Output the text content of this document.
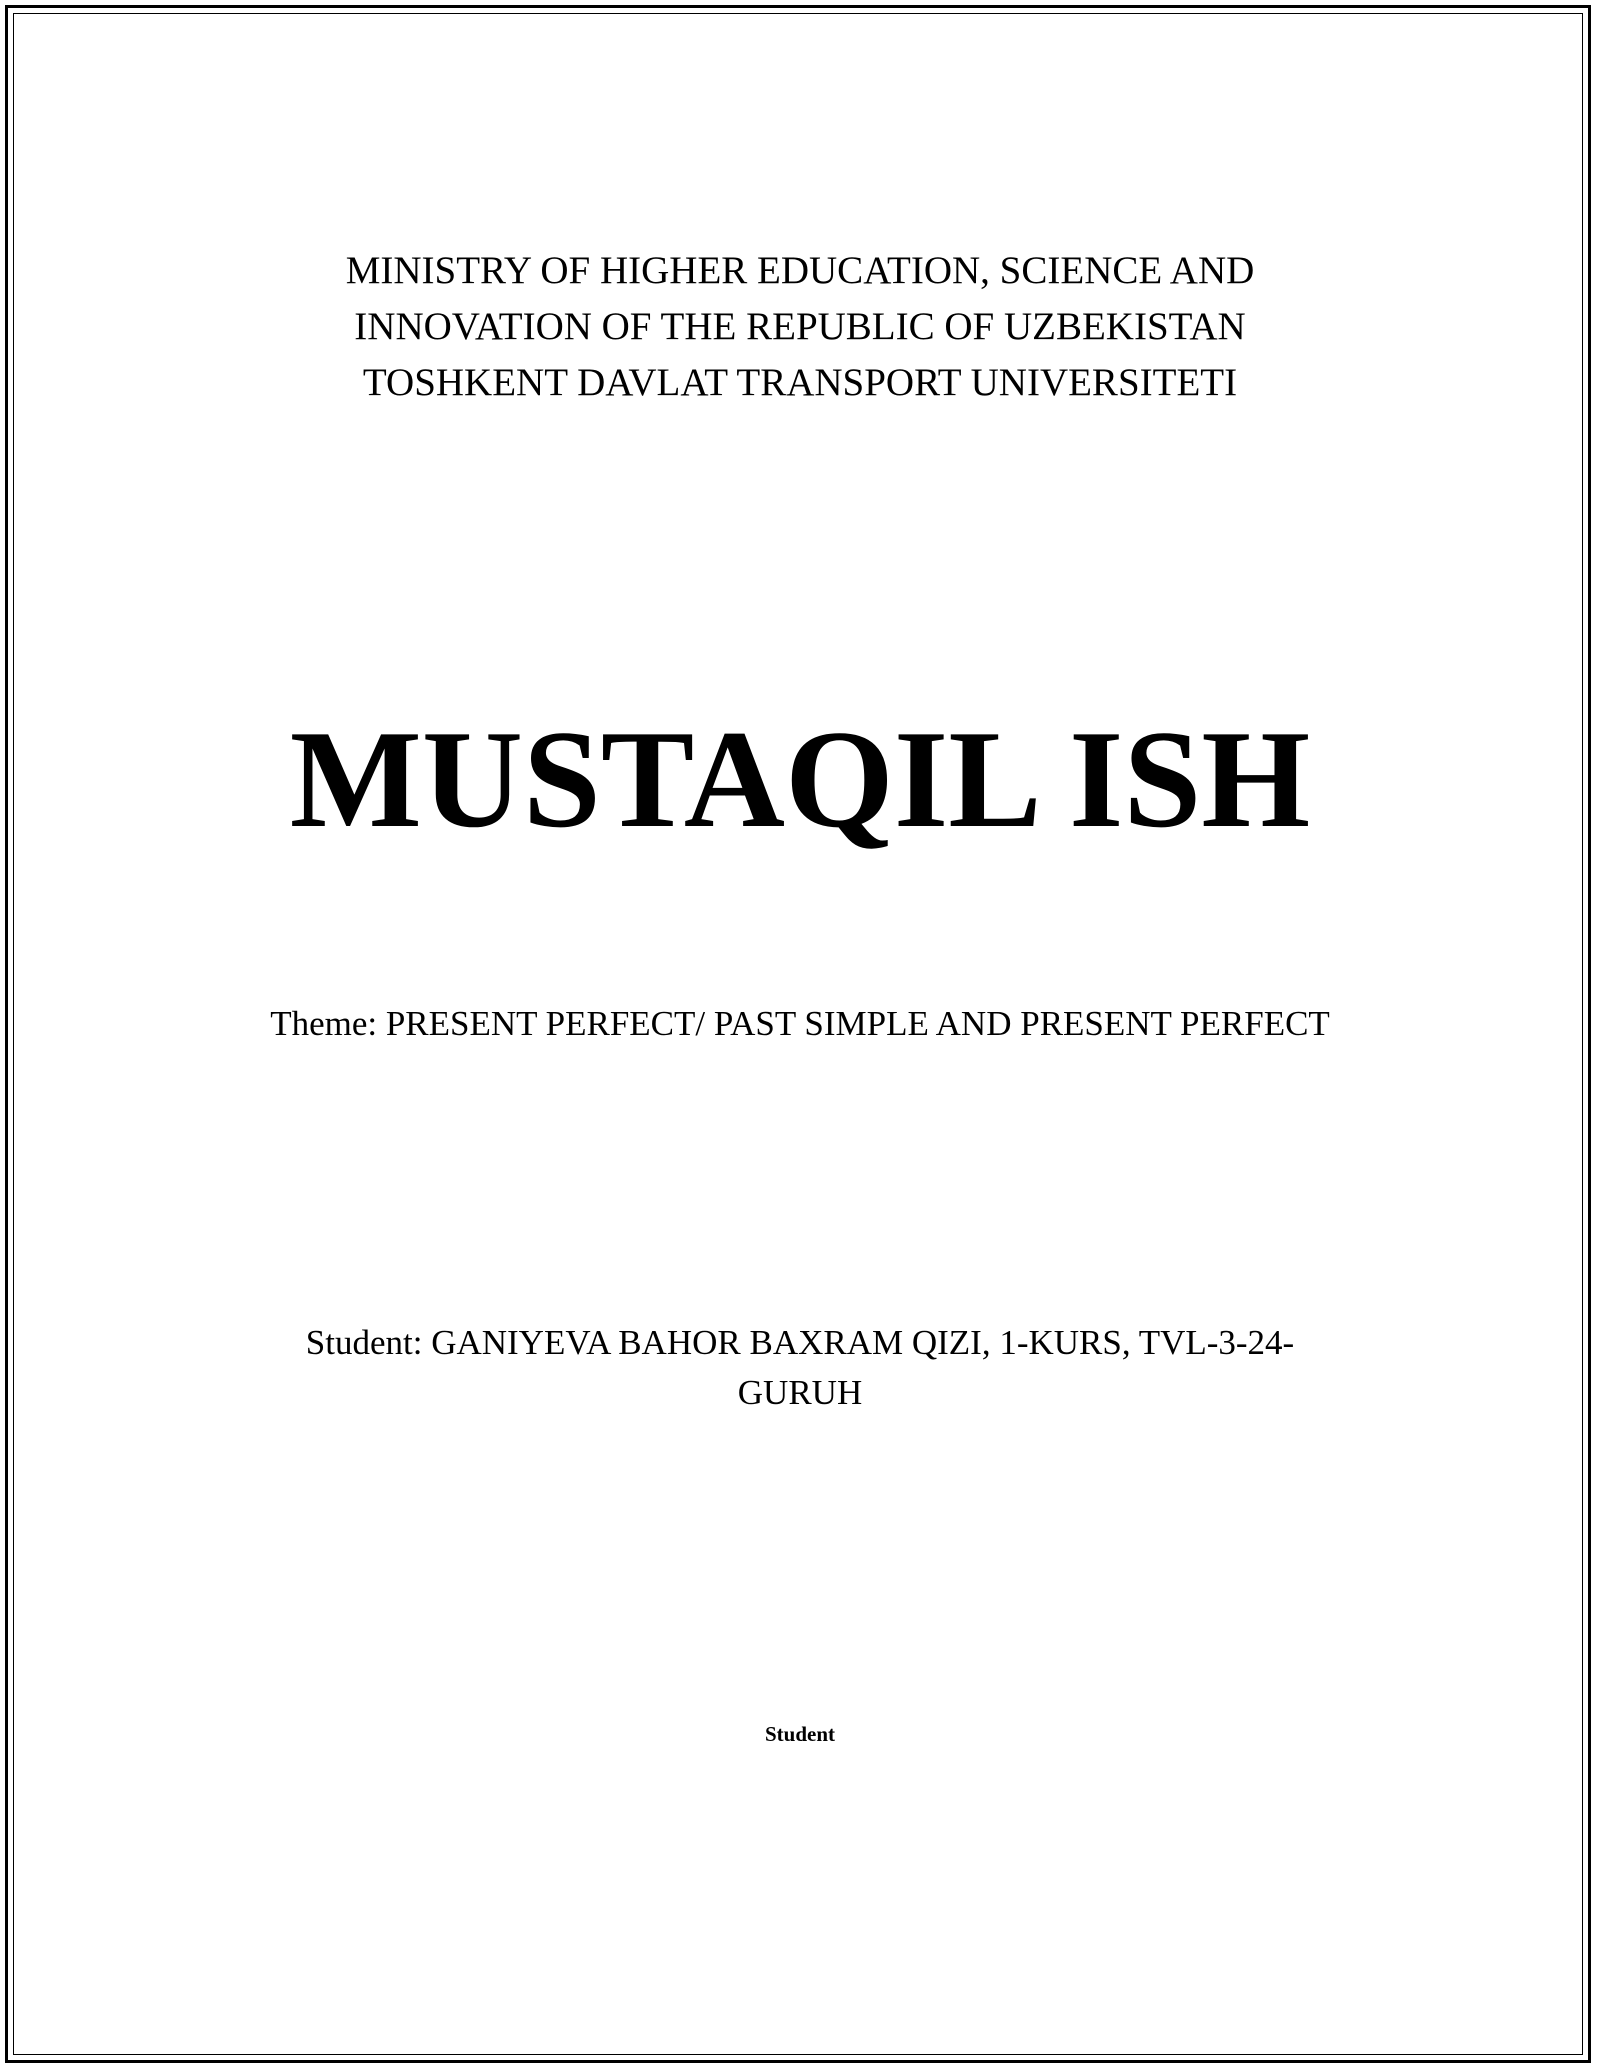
MINISTRY OF HIGHER EDUCATION, SCIENCE AND
INNOVATION OF THE REPUBLIC OF UZBEKISTAN
TOSHKENT DAVLAT TRANSPORT UNIVERSITETI
MUSTAQIL ISH
Theme: PRESENT PERFECT/ PAST SIMPLE AND PRESENT PERFECT
Student: GANIYEVA BAHOR BAXRAM QIZI, 1-KURS, TVL-3-24-GURUH
Student
